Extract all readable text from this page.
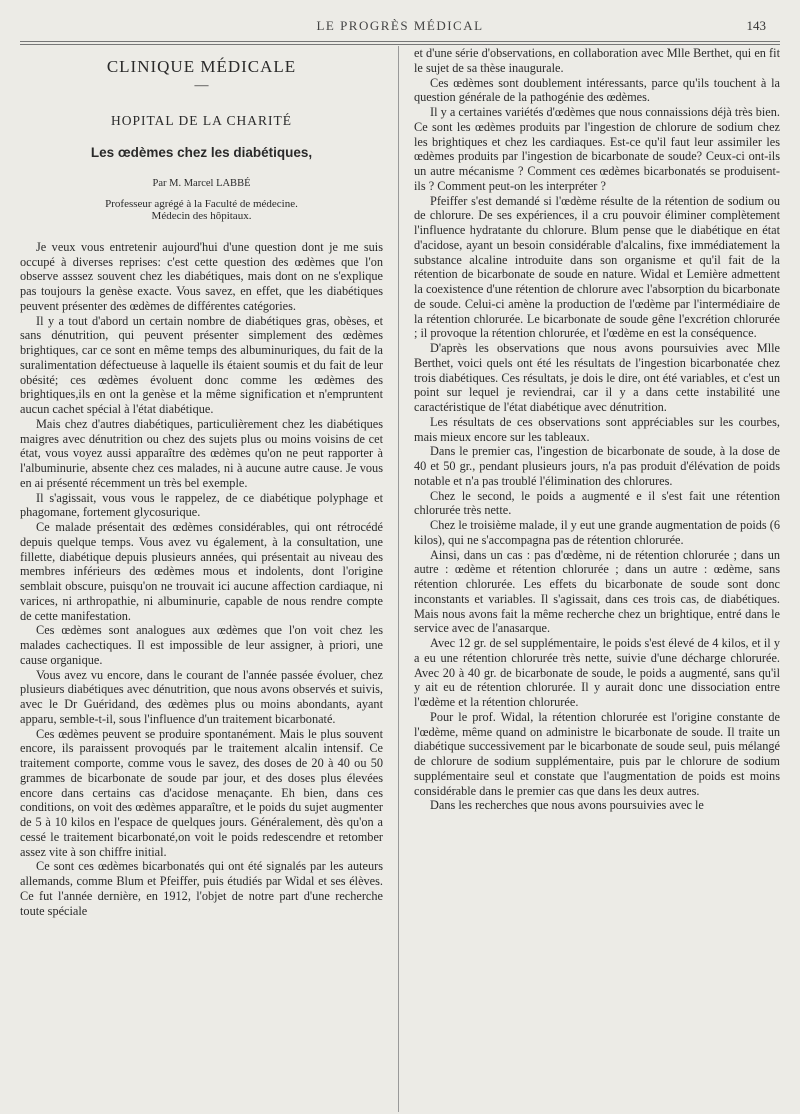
LE PROGRÈS MÉDICAL	143
CLINIQUE MÉDICALE
—
HOPITAL DE LA CHARITÉ
Les œdèmes chez les diabétiques,
Par M. Marcel LABBÉ
Professeur agrégé à la Faculté de médecine.
Médecin des hôpitaux.

Je veux vous entretenir aujourd'hui d'une question dont je me suis occupé à diverses reprises: c'est cette question des œdèmes que l'on observe asssez souvent chez les diabétiques, mais dont on ne s'explique pas toujours la genèse exacte. Vous savez, en effet, que les diabétiques peuvent présenter des œdèmes de différentes catégories.

Il y a tout d'abord un certain nombre de diabétiques gras, obèses, et sans dénutrition, qui peuvent présenter simplement des œdèmes brightiques, car ce sont en même temps des albuminuriques, du fait de la suralimentation défectueuse à laquelle ils étaient soumis et du fait de leur obésité; ces œdèmes évoluent donc comme les œdèmes des brightiques,ils en ont la genèse et la même signification et n'empruntent aucun cachet spécial à l'état diabétique.

Mais chez d'autres diabétiques, particulièrement chez les diabétiques maigres avec dénutrition ou chez des sujets plus ou moins voisins de cet état, vous voyez aussi apparaître des œdèmes qu'on ne peut rapporter à l'albuminurie, absente chez ces malades, ni à aucune autre cause. Je vous en ai présenté récemment un très bel exemple.

Il s'agissait, vous vous le rappelez, de ce diabétique polyphage et phagomane, fortement glycosurique.

Ce malade présentait des œdèmes considérables, qui ont rétrocédé depuis quelque temps. Vous avez vu également, à la consultation, une fillette, diabétique depuis plusieurs années, qui présentait au niveau des membres inférieurs des œdèmes mous et indolents, dont l'origine semblait obscure, puisqu'on ne trouvait ici aucune affection cardiaque, ni varices, ni arthropathie, ni albuminurie, capable de nous rendre compte de cette manifestation.

Ces œdèmes sont analogues aux œdèmes que l'on voit chez les malades cachectiques. Il est impossible de leur assigner, à priori, une cause organique.

Vous avez vu encore, dans le courant de l'année passée évoluer, chez plusieurs diabétiques avec dénutrition, que nous avons observés et suivis, avec le Dr Guéridand, des œdèmes plus ou moins abondants, ayant apparu, semble-t-il, sous l'influence d'un traitement bicarbonaté.

Ces œdèmes peuvent se produire spontanément. Mais le plus souvent encore, ils paraissent provoqués par le traitement alcalin intensif. Ce traitement comporte, comme vous le savez, des doses de 20 à 40 ou 50 grammes de bicarbonate de soude par jour, et des doses plus élevées encore dans certains cas d'acidose menaçante. Eh bien, dans ces conditions, on voit des œdèmes apparaître, et le poids du sujet augmenter de 5 à 10 kilos en l'espace de quelques jours. Généralement, dès qu'on a cessé le traitement bicarbonaté,on voit le poids redescendre et retomber assez vite à son chiffre initial.

Ce sont ces œdèmes bicarbonatés qui ont été signalés par les auteurs allemands, comme Blum et Pfeiffer, puis étudiés par Widal et ses élèves. Ce fut l'année dernière, en 1912, l'objet de notre part d'une recherche toute spéciale

et d'une série d'observations, en collaboration avec Mlle Berthet, qui en fit le sujet de sa thèse inaugurale.

Ces œdèmes sont doublement intéressants, parce qu'ils touchent à la question générale de la pathogénie des œdèmes.

Il y a certaines variétés d'œdèmes que nous connaissions déjà très bien. Ce sont les œdèmes produits par l'ingestion de chlorure de sodium chez les brightiques et chez les cardiaques. Est-ce qu'il faut leur assimiler les œdèmes produits par l'ingestion de bicarbonate de soude? Ceux-ci ont-ils un autre mécanisme ? Comment ces œdèmes bicarbonatés se produisent-ils ? Comment peut-on les interpréter ?

Pfeiffer s'est demandé si l'œdème résulte de la rétention de sodium ou de chlorure. De ses expériences, il a cru pouvoir éliminer complètement l'influence hydratante du chlorure. Blum pense que le diabétique en état d'acidose, ayant un besoin considérable d'alcalins, fixe immédiatement la substance alcaline introduite dans son organisme et qu'il fait de la rétention de bicarbonate de soude en nature. Widal et Lemière admettent la coexistence d'une rétention de chlorure avec l'absorption du bicarbonate de soude. Celui-ci amène la production de l'œdème par l'intermédiaire de la rétention chlorurée. Le bicarbonate de soude gêne l'excrétion chlorurée ; il provoque la rétention chlorurée, et l'œdème en est la conséquence.

D'après les observations que nous avons poursuivies avec Mlle Berthet, voici quels ont été les résultats de l'ingestion bicarbonatée chez trois diabétiques. Ces résultats, je dois le dire, ont été variables, et c'est un point sur lequel je reviendrai, car il y a dans cette instabilité une caractéristique de l'état diabétique avec dénutrition.

Les résultats de ces observations sont appréciables sur les courbes, mais mieux encore sur les tableaux.

Dans le premier cas, l'ingestion de bicarbonate de soude, à la dose de 40 et 50 gr., pendant plusieurs jours, n'a pas produit d'élévation de poids notable et n'a pas troublé l'élimination des chlorures.

Chez le second, le poids a augmenté e il s'est fait une rétention chlorurée très nette.

Chez le troisième malade, il y eut une grande augmentation de poids (6 kilos), qui ne s'accompagna pas de rétention chlorurée.

Ainsi, dans un cas : pas d'œdème, ni de rétention chlorurée ; dans un autre : œdème et rétention chlorurée ; dans un autre : œdème, sans rétention chlorurée. Les effets du bicarbonate de soude sont donc inconstants et variables. Il s'agissait, dans ces trois cas, de diabétiques. Mais nous avons fait la même recherche chez un brightique, entré dans le service avec de l'anasarque.

Avec 12 gr. de sel supplémentaire, le poids s'est élevé de 4 kilos, et il y a eu une rétention chlorurée très nette, suivie d'une décharge chlorurée. Avec 20 à 40 gr. de bicarbonate de soude, le poids a augmenté, sans qu'il y ait eu de rétention chlorurée. Il y aurait donc une dissociation entre l'œdème et la rétention chlorurée.

Pour le prof. Widal, la rétention chlorurée est l'origine constante de l'œdème, même quand on administre le bicarbonate de soude. Il traite un diabétique successivement par le bicarbonate de soude seul, puis mélangé de chlorure de sodium supplémentaire, puis par le chlorure de sodium supplémentaire seul et constate que l'augmentation de poids est moins considérable dans le premier cas que dans les deux autres.

Dans les recherches que nous avons poursuivies avec le
